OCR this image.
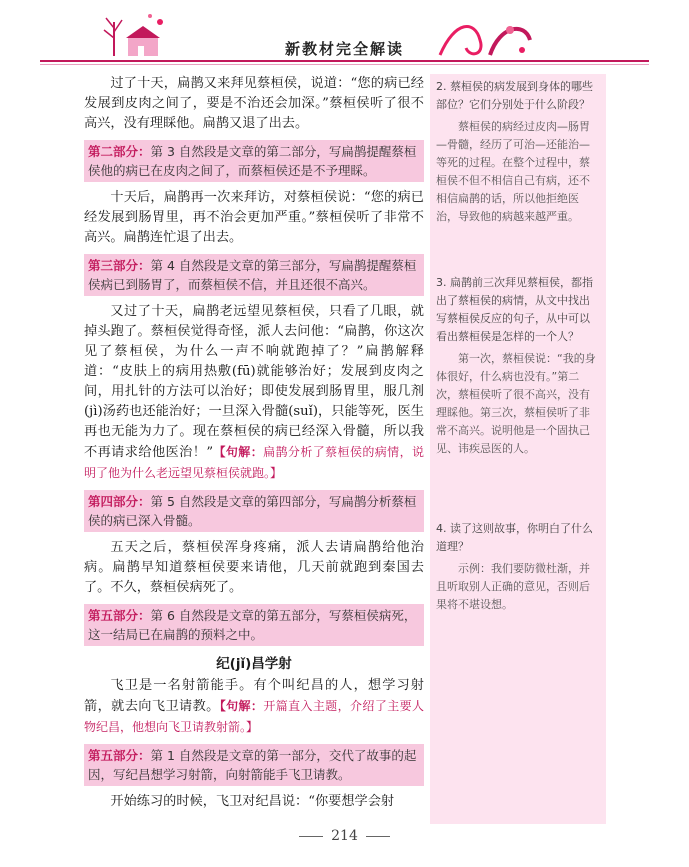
新教材完全解读

过了十天，扁鹊又来拜见蔡桓侯，说道：“您的病已经发展到皮肉之间了，要是不治还会加深。”蔡桓侯听了很不高兴，没有理睬他。扁鹊又退了出去。

第二部分：第 3 自然段是文章的第二部分，写扁鹊提醒蔡桓侯他的病已在皮肉之间了，而蔡桓侯还是不予理睬。

十天后，扁鹊再一次来拜访，对蔡桓侯说：“您的病已经发展到肠胃里，再不治会更加严重。”蔡桓侯听了非常不高兴。扁鹊连忙退了出去。

第三部分：第 4 自然段是文章的第三部分，写扁鹊提醒蔡桓侯病已到肠胃了，而蔡桓侯不信，并且还很不高兴。

又过了十天，扁鹊老远望见蔡桓侯，只看了几眼，就掉头跑了。蔡桓侯觉得奇怪，派人去问他：“扁鹊，你这次见了蔡桓侯，为什么一声不响就跑掉了？”扁鹊解释道：“皮肤上的病用热敷(fū)就能够治好；发展到皮肉之间，用扎针的方法可以治好；即使发展到肠胃里，服几剂(jì)汤药也还能治好；一旦深入骨髓(suǐ)，只能等死，医生再也无能为力了。现在蔡桓侯的病已经深入骨髓，所以我不再请求给他医治！”【句解：扁鹊分析了蔡桓侯的病情，说明了他为什么老远望见蔡桓侯就跑。】

第四部分：第 5 自然段是文章的第四部分，写扁鹊分析蔡桓侯的病已深入骨髓。

五天之后，蔡桓侯浑身疼痛，派人去请扁鹊给他治病。扁鹊早知道蔡桓侯要来请他，几天前就跑到秦国去了。不久，蔡桓侯病死了。

第五部分：第 6 自然段是文章的第五部分，写蔡桓侯病死，这一结局已在扁鹊的预料之中。
纪(jǐ)昌学射

飞卫是一名射箭能手。有个叫纪昌的人，想学习射箭，就去向飞卫请教。【句解：开篇直入主题，介绍了主要人物纪昌，他想向飞卫请教射箭。】

第五部分：第 1 自然段是文章的第一部分，交代了故事的起因，写纪昌想学习射箭，向射箭能手飞卫请教。

开始练习的时候，飞卫对纪昌说：“你要想学会射

2. 蔡桓侯的病发展到身体的哪些部位？它们分别处于什么阶段？

蔡桓侯的病经过皮肉—肠胃—骨髓，经历了可治—还能治—等死的过程。在整个过程中，蔡桓侯不但不相信自己有病，还不相信扁鹊的话，所以他拒绝医治，导致他的病越来越严重。

3. 扁鹊前三次拜见蔡桓侯，都指出了蔡桓侯的病情，从文中找出写蔡桓侯反应的句子，从中可以看出蔡桓侯是怎样的一个人？

第一次，蔡桓侯说：“我的身体很好，什么病也没有。”第二次，蔡桓侯听了很不高兴，没有理睬他。第三次，蔡桓侯听了非常不高兴。说明他是一个固执己见、讳疾忌医的人。

4. 读了这则故事，你明白了什么道理？

示例：我们要防微杜渐，并且听取别人正确的意见，否则后果将不堪设想。

214
